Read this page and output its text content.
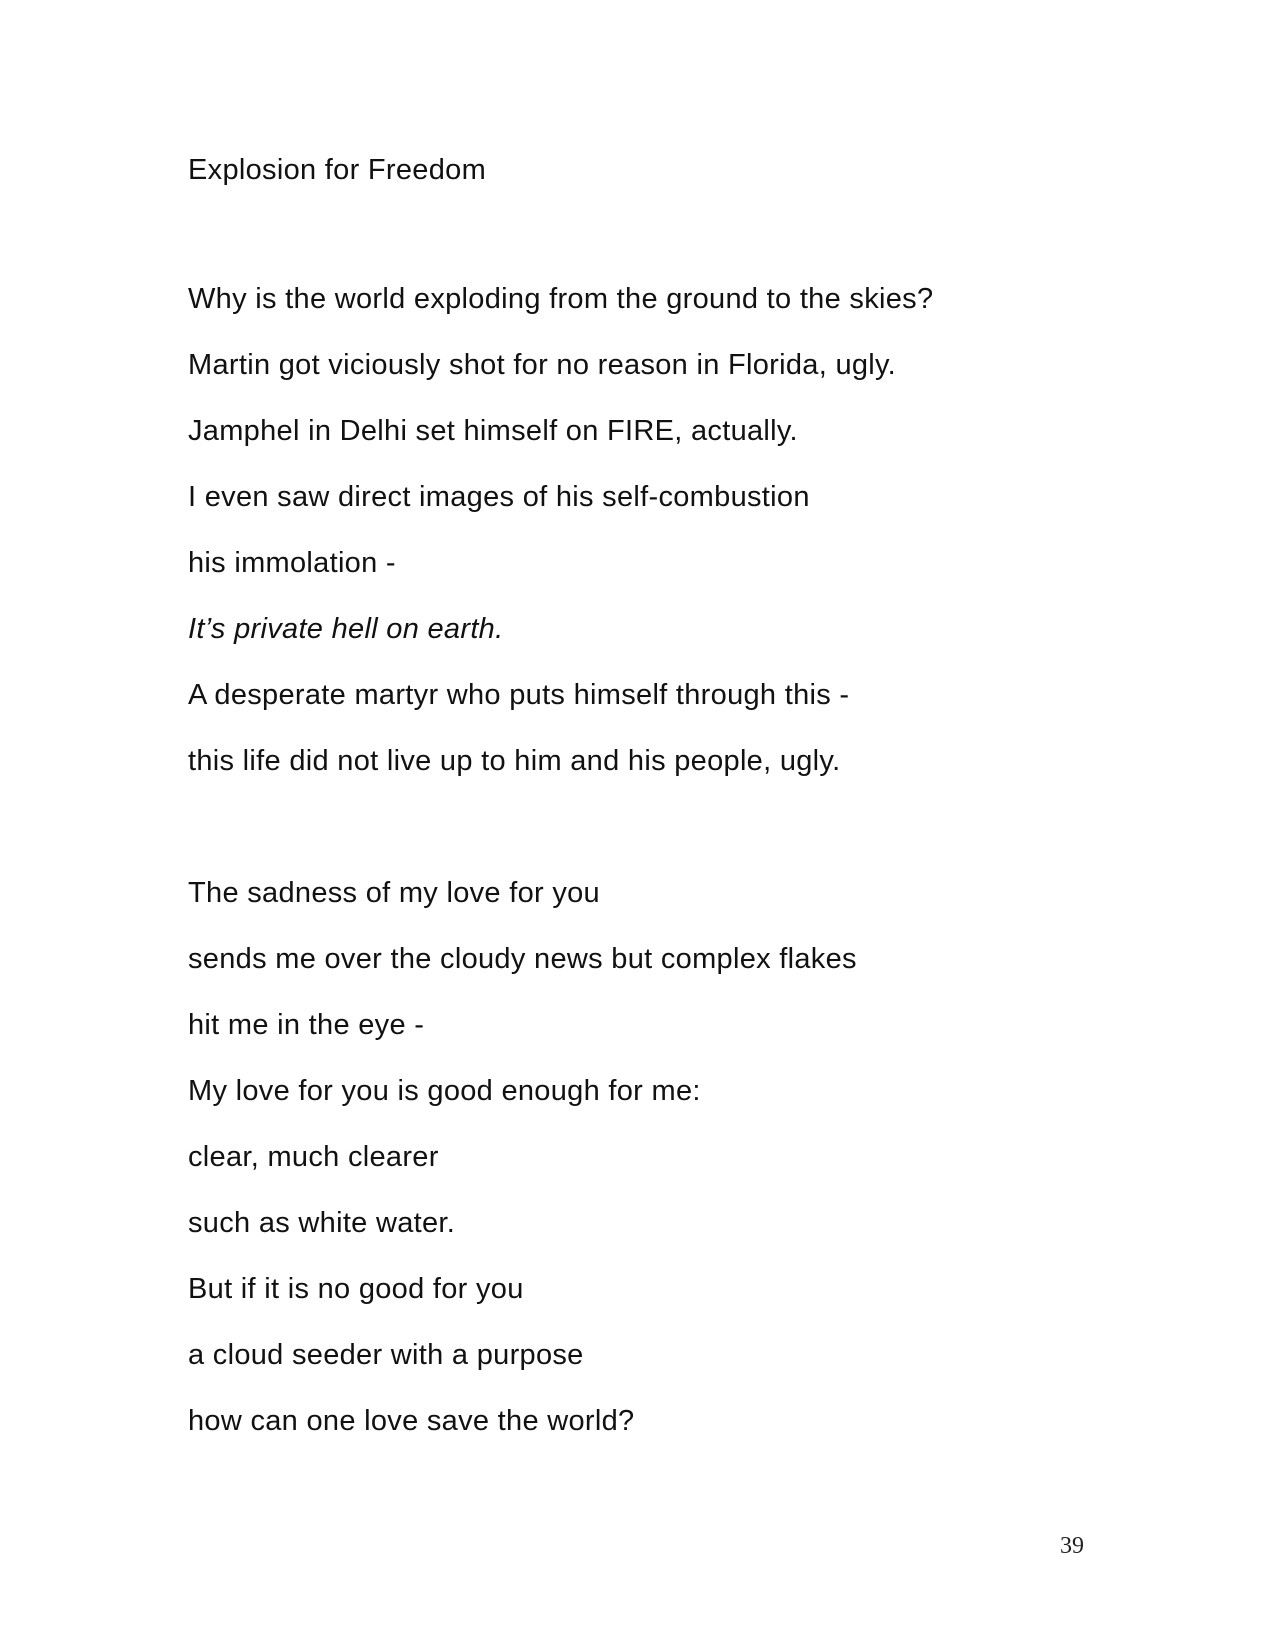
Explosion for Freedom
Why is the world exploding from the ground to the skies?
Martin got viciously shot for no reason in Florida, ugly.
Jamphel in Delhi set himself on FIRE, actually.
I even saw direct images of his self-combustion
his immolation -
It’s private hell on earth.
A desperate martyr who puts himself through this -
this life did not live up to him and his people, ugly.
The sadness of my love for you
sends me over the cloudy news but complex flakes
hit me in the eye -
My love for you is good enough for me:
clear, much clearer
such as white water.
But if it is no good for you
a cloud seeder with a purpose
how can one love save the world?
39
